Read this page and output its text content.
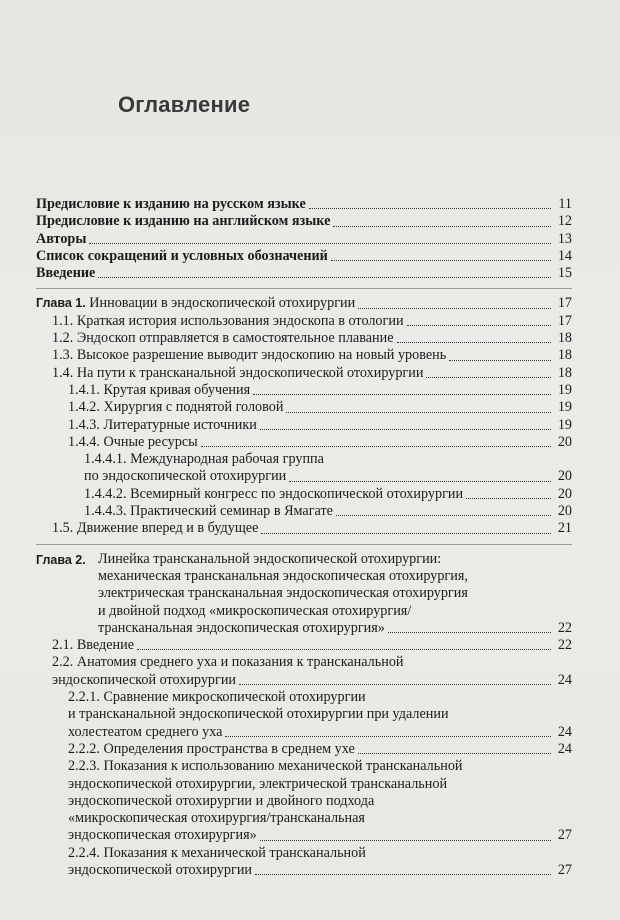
Оглавление
Предисловие к изданию на русском языке	11
Предисловие к изданию на английском языке	12
Авторы	13
Список сокращений и условных обозначений	14
Введение	15
Глава 1. Инновации в эндоскопической отохирургии	17
1.1. Краткая история использования эндоскопа в отологии	17
1.2. Эндоскоп отправляется в самостоятельное плавание	18
1.3. Высокое разрешение выводит эндоскопию на новый уровень	18
1.4. На пути к трансканальной эндоскопической отохирургии	18
1.4.1. Крутая кривая обучения	19
1.4.2. Хирургия с поднятой головой	19
1.4.3. Литературные источники	19
1.4.4. Очные ресурсы	20
1.4.4.1. Международная рабочая группа
по эндоскопической отохирургии	20
1.4.4.2. Всемирный конгресс по эндоскопической отохирургии	20
1.4.4.3. Практический семинар в Ямагате	20
1.5. Движение вперед и в будущее	21
Глава 2. Линейка трансканальной эндоскопической отохирургии:
механическая трансканальная эндоскопическая отохирургия,
электрическая трансканальная эндоскопическая отохирургия
и двойной подход «микроскопическая отохирургия/
трансканальная эндоскопическая отохирургия»	22
2.1. Введение	22
2.2. Анатомия среднего уха и показания к трансканальной
эндоскопической отохирургии	24
2.2.1. Сравнение микроскопической отохирургии
и трансканальной эндоскопической отохирургии при удалении
холестеатом среднего уха	24
2.2.2. Определения пространства в среднем ухе	24
2.2.3. Показания к использованию механической трансканальной
эндоскопической отохирургии, электрической трансканальной
эндоскопической отохирургии и двойного подхода
«микроскопическая отохирургия/трансканальная
эндоскопическая отохирургия»	27
2.2.4. Показания к механической трансканальной
эндоскопической отохирургии	27
